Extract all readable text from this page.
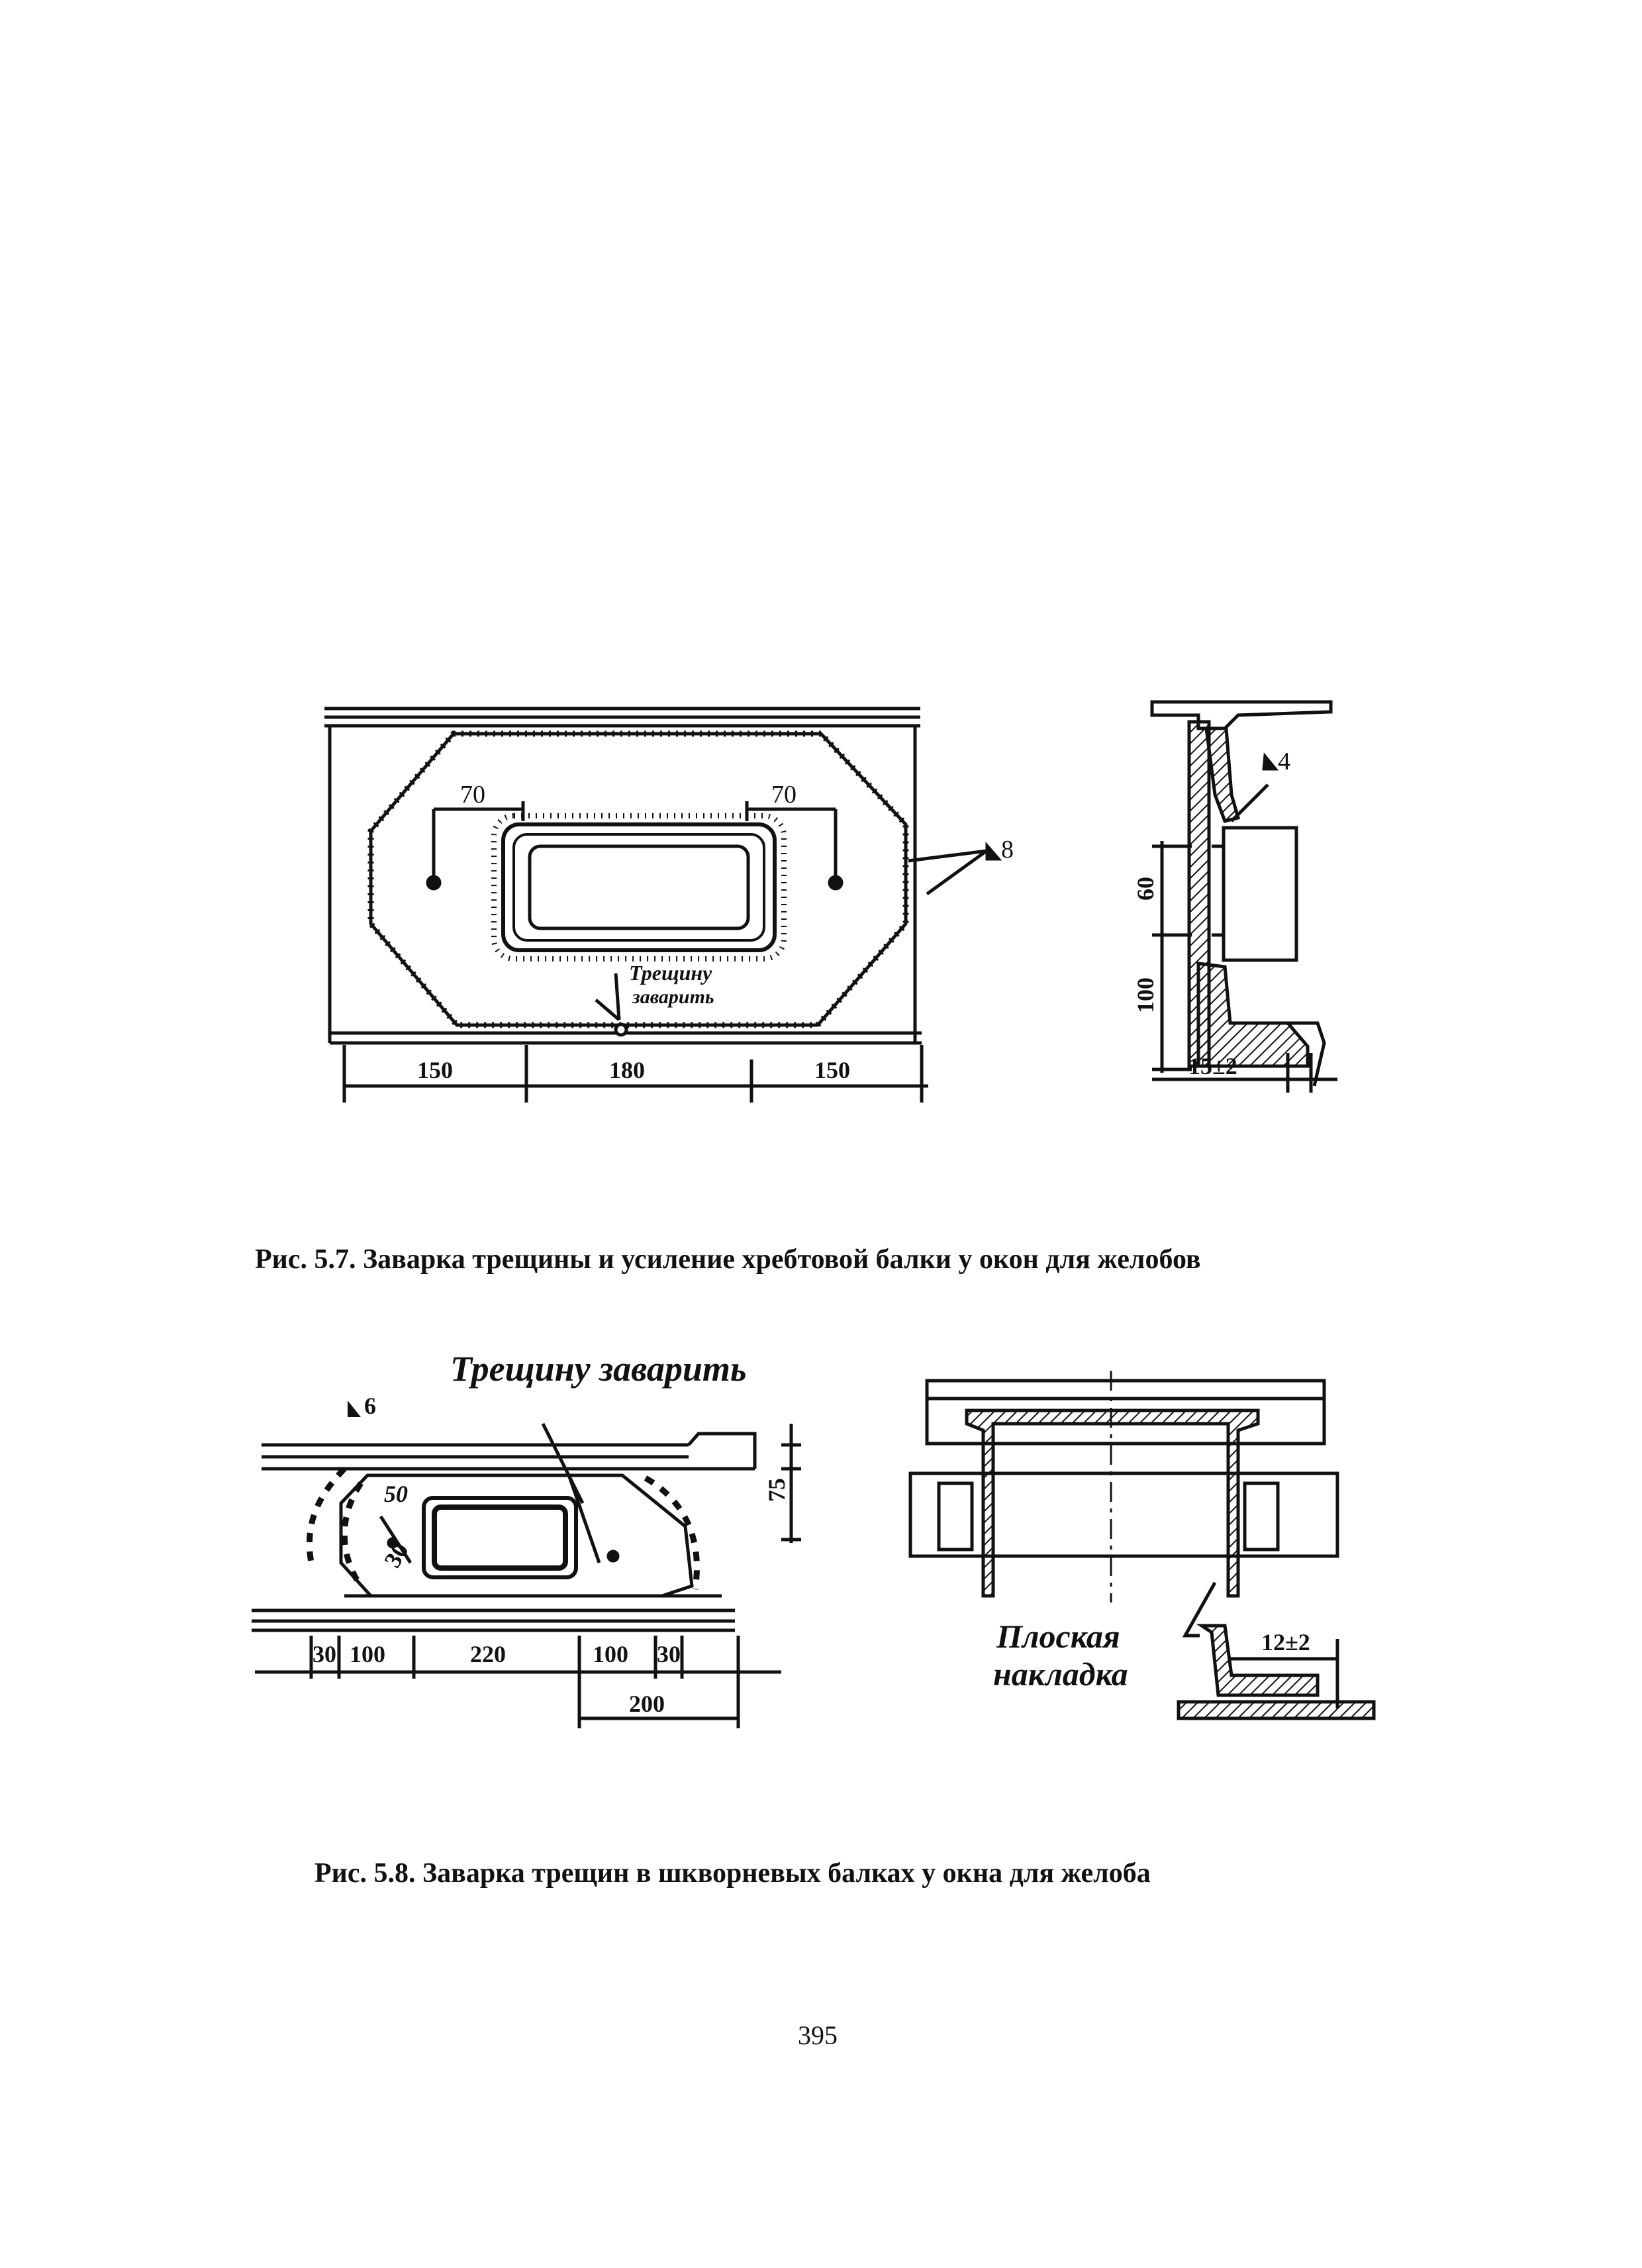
70	70
8
Трещину
заварить
150	180	150
4
60
100
15±2
Трещину заварить
6
75
50
30
30 100	220	100 30
200
Плоская
накладка
12±2
Рис. 5.7. Заварка трещины и усиление хребтовой балки у окон для желобов
Рис. 5.8. Заварка трещин в шкворневых балках у окна для желоба
395
